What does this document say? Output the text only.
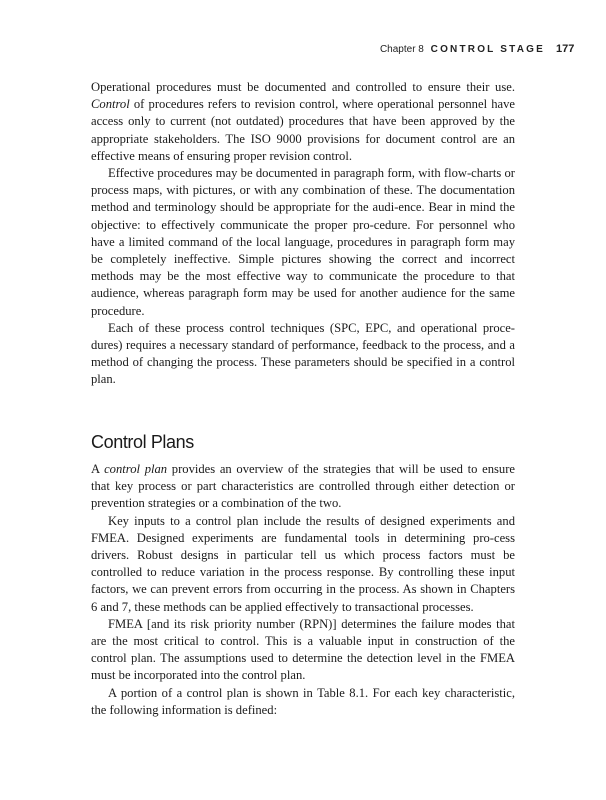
Chapter 8 CONTROL STAGE 177

Operational procedures must be documented and controlled to ensure their use. Control of procedures refers to revision control, where operational personnel have access only to current (not outdated) procedures that have been approved by the appropriate stakeholders. The ISO 9000 provisions for document control are an effective means of ensuring proper revision control.

Effective procedures may be documented in paragraph form, with flow-charts or process maps, with pictures, or with any combination of these. The documentation method and terminology should be appropriate for the audi-ence. Bear in mind the objective: to effectively communicate the proper pro-cedure. For personnel who have a limited command of the local language, procedures in paragraph form may be completely ineffective. Simple pictures showing the correct and incorrect methods may be the most effective way to communicate the procedure to that audience, whereas paragraph form may be used for another audience for the same procedure.

Each of these process control techniques (SPC, EPC, and operational proce-dures) requires a necessary standard of performance, feedback to the process, and a method of changing the process. These parameters should be specified in a control plan.

Control Plans

A control plan provides an overview of the strategies that will be used to ensure that key process or part characteristics are controlled through either detection or prevention strategies or a combination of the two.

Key inputs to a control plan include the results of designed experiments and FMEA. Designed experiments are fundamental tools in determining pro-cess drivers. Robust designs in particular tell us which process factors must be controlled to reduce variation in the process response. By controlling these input factors, we can prevent errors from occurring in the process. As shown in Chapters 6 and 7, these methods can be applied effectively to transactional processes.

FMEA [and its risk priority number (RPN)] determines the failure modes that are the most critical to control. This is a valuable input in construction of the control plan. The assumptions used to determine the detection level in the FMEA must be incorporated into the control plan.

A portion of a control plan is shown in Table 8.1. For each key characteristic, the following information is defined:
